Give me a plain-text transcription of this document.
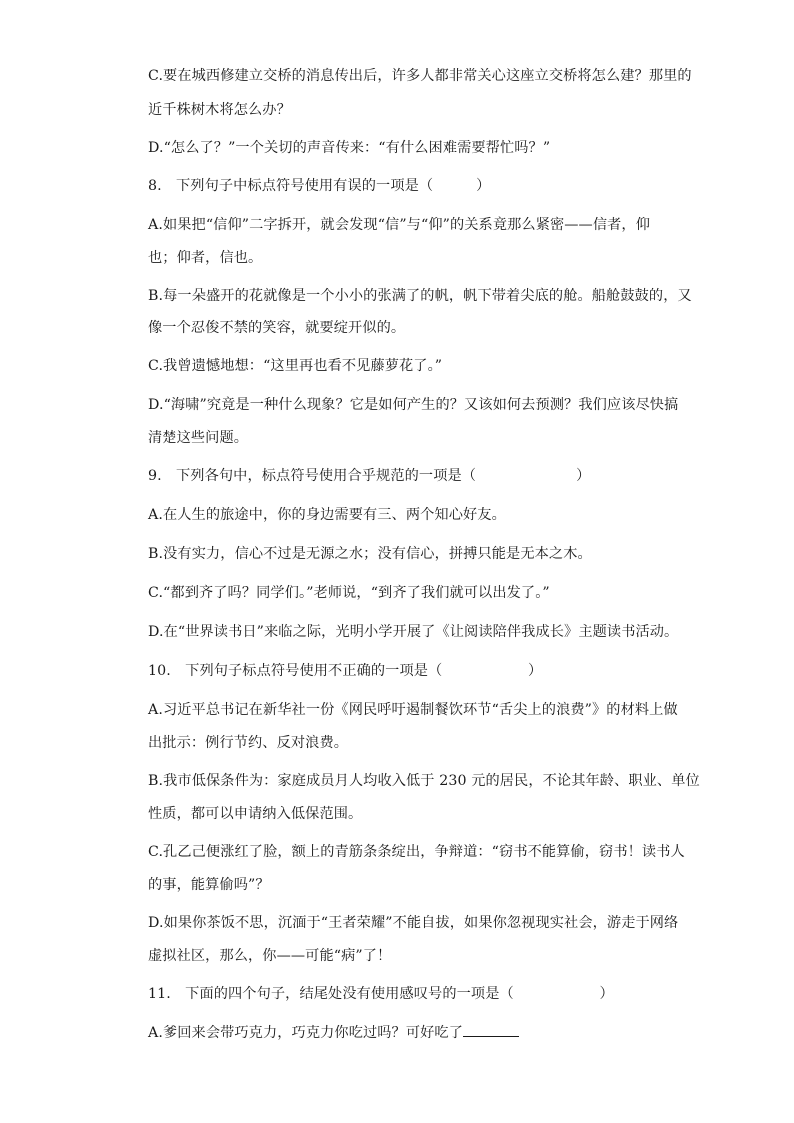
C.要在城西修建立交桥的消息传出后，许多人都非常关心这座立交桥将怎么建？那里的
近千株树木将怎么办？
D.“怎么了？”一个关切的声音传来：“有什么困难需要帮忙吗？”
8.　下列句子中标点符号使用有误的一项是（　　　）
A.如果把“信仰”二字拆开，就会发现“信”与“仰”的关系竟那么紧密——信者，仰
也；仰者，信也。
B.每一朵盛开的花就像是一个小小的张满了的帆，帆下带着尖底的舱。船舱鼓鼓的，又
像一个忍俊不禁的笑容，就要绽开似的。
C.我曾遗憾地想：“这里再也看不见藤萝花了。”
D.“海啸”究竟是一种什么现象？它是如何产生的？又该如何去预测？我们应该尽快搞
清楚这些问题。
9.　下列各句中，标点符号使用合乎规范的一项是（　　　　　　　）
A.在人生的旅途中，你的身边需要有三、两个知心好友。
B.没有实力，信心不过是无源之水；没有信心，拼搏只能是无本之木。
C.“都到齐了吗？同学们。”老师说，“到齐了我们就可以出发了。”
D.在“世界读书日”来临之际，光明小学开展了《让阅读陪伴我成长》主题读书活动。
10.　下列句子标点符号使用不正确的一项是（　　　　　　）
A.习近平总书记在新华社一份《网民呼吁遏制餐饮环节“舌尖上的浪费”》的材料上做
出批示：例行节约、反对浪费。
B.我市低保条件为：家庭成员月人均收入低于 230 元的居民，不论其年龄、职业、单位
性质，都可以申请纳入低保范围。
C.孔乙己便涨红了脸，额上的青筋条条绽出，争辩道：“窃书不能算偷，窃书！读书人
的事，能算偷吗”？
D.如果你茶饭不思，沉湎于“王者荣耀”不能自拔，如果你忽视现实社会，游走于网络
虚拟社区，那么，你——可能“病”了！
11.　下面的四个句子，结尾处没有使用感叹号的一项是（　　　　　　）
A.爹回来会带巧克力，巧克力你吃过吗？可好吃了
